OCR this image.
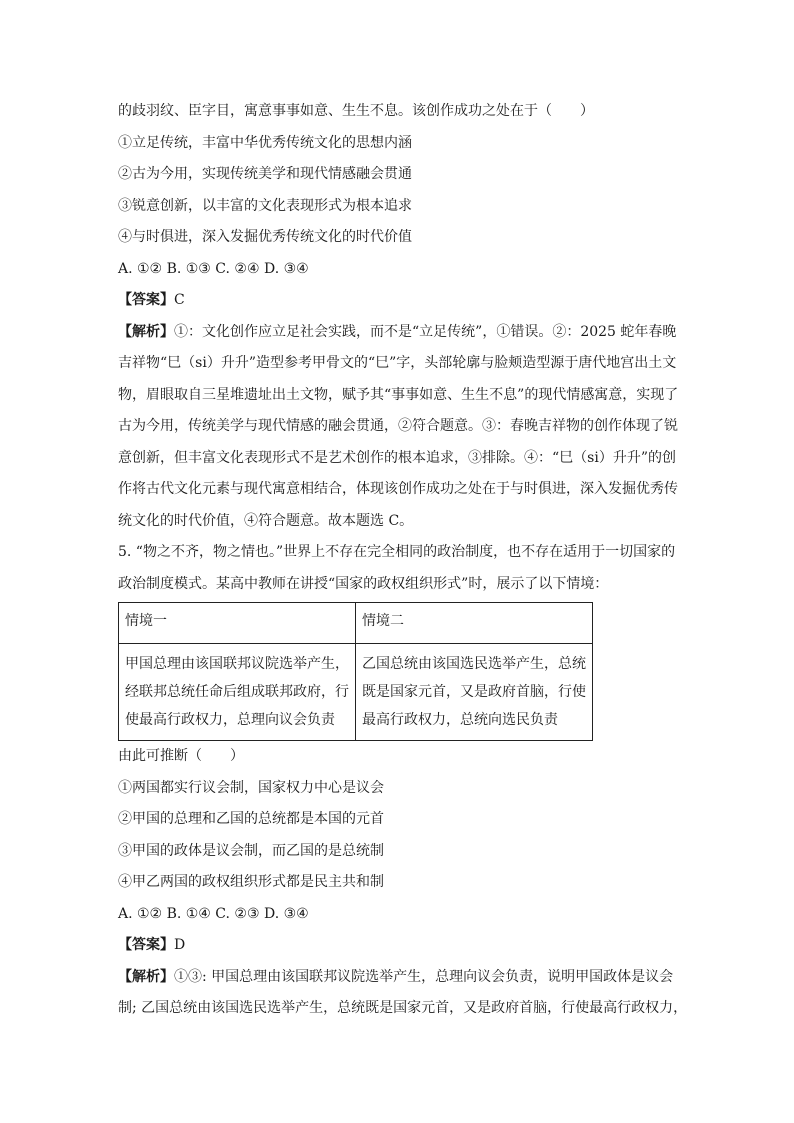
的歧羽纹、臣字目，寓意事事如意、生生不息。该创作成功之处在于（　　）
①立足传统，丰富中华优秀传统文化的思想内涵
②古为今用，实现传统美学和现代情感融会贯通
③锐意创新，以丰富的文化表现形式为根本追求
④与时俱进，深入发掘优秀传统文化的时代价值
A. ①② B. ①③ C. ②④ D. ③④
【答案】C
【解析】①：文化创作应立足社会实践，而不是“立足传统”，①错误。②：2025 蛇年春晚
吉祥物“巳（si）升升”造型参考甲骨文的“巳”字，头部轮廓与脸颊造型源于唐代地宫出土文
物，眉眼取自三星堆遗址出土文物，赋予其“事事如意、生生不息”的现代情感寓意，实现了
古为今用，传统美学与现代情感的融会贯通，②符合题意。③：春晚吉祥物的创作体现了锐
意创新，但丰富文化表现形式不是艺术创作的根本追求，③排除。④：“巳（si）升升”的创
作将古代文化元素与现代寓意相结合，体现该创作成功之处在于与时俱进，深入发掘优秀传
统文化的时代价值，④符合题意。故本题选 C。
5. “物之不齐，物之情也。”世界上不存在完全相同的政治制度，也不存在适用于一切国家的
政治制度模式。某高中教师在讲授“国家的政权组织形式”时，展示了以下情境：
情境一	情境二
甲国总理由该国联邦议院选举产生，经联邦总统任命后组成联邦政府，行使最高行政权力，总理向议会负责	乙国总统由该国选民选举产生，总统既是国家元首，又是政府首脑，行使最高行政权力，总统向选民负责
由此可推断（　　）
①两国都实行议会制，国家权力中心是议会
②甲国的总理和乙国的总统都是本国的元首
③甲国的政体是议会制，而乙国的是总统制
④甲乙两国的政权组织形式都是民主共和制
A. ①② B. ①④ C. ②③ D. ③④
【答案】D
【解析】①③: 甲国总理由该国联邦议院选举产生，总理向议会负责，说明甲国政体是议会
制; 乙国总统由该国选民选举产生，总统既是国家元首，又是政府首脑，行使最高行政权力，
